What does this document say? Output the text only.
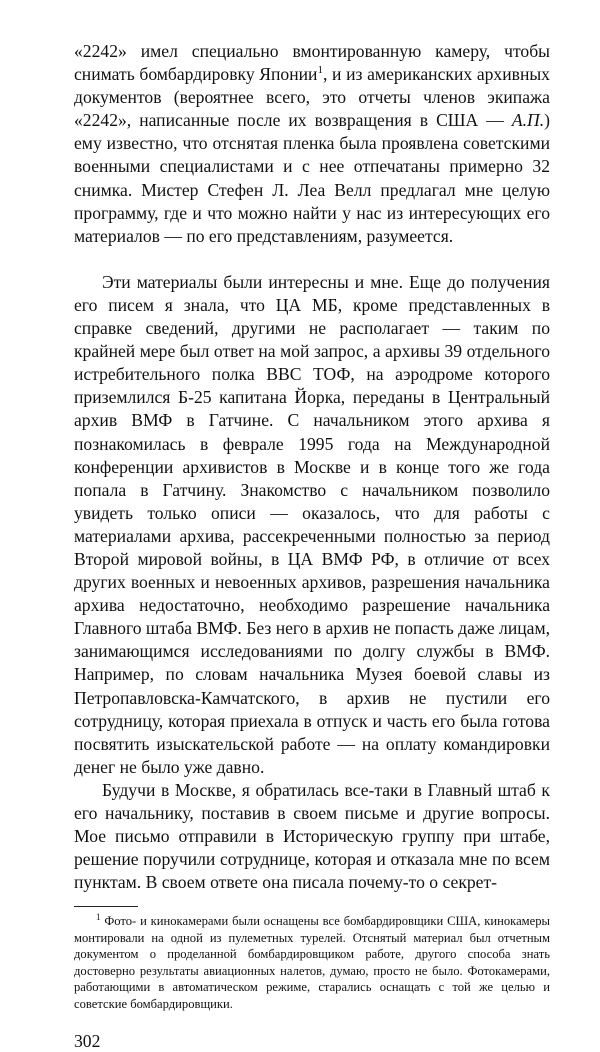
«2242» имел специально вмонтированную камеру, чтобы снимать бомбардировку Японии$^1$, и из американских архивных документов (вероятнее всего, это отчеты членов экипажа «2242», написанные после их возвращения в США — А.П.) ему известно, что отснятая пленка была проявлена советскими военными специалистами и с нее отпечатаны примерно 32 снимка. Мистер Стефен Л. Леа Велл предлагал мне целую программу, где и что можно найти у нас из интересующих его материалов — по его представлениям, разумеется.

Эти материалы были интересны и мне. Еще до получения его писем я знала, что ЦА МБ, кроме представленных в справке сведений, другими не располагает — таким по крайней мере был ответ на мой запрос, а архивы 39 отдельного истребительного полка ВВС ТОФ, на аэродроме которого приземлился Б-25 капитана Йорка, переданы в Центральный архив ВМФ в Гатчине. С начальником этого архива я познакомилась в феврале 1995 года на Международной конференции архивистов в Москве и в конце того же года попала в Гатчину. Знакомство с начальником позволило увидеть только описи — оказалось, что для работы с материалами архива, рассекреченными полностью за период Второй мировой войны, в ЦА ВМФ РФ, в отличие от всех других военных и невоенных архивов, разрешения начальника архива недостаточно, необходимо разрешение начальника Главного штаба ВМФ. Без него в архив не попасть даже лицам, занимающимся исследованиями по долгу службы в ВМФ. Например, по словам начальника Музея боевой славы из Петропавловска-Камчатского, в архив не пустили его сотрудницу, которая приехала в отпуск и часть его была готова посвятить изыскательской работе — на оплату командировки денег не было уже давно.

Будучи в Москве, я обратилась все-таки в Главный штаб к его начальнику, поставив в своем письме и другие вопросы. Мое письмо отправили в Историческую группу при штабе, решение поручили сотруднице, которая и отказала мне по всем пунктам. В своем ответе она писала почему-то о секрет-

$^1$ Фото- и кинокамерами были оснащены все бомбардировщики США, кинокамеры монтировали на одной из пулеметных турелей. Отснятый материал был отчетным документом о проделанной бомбардировщиком работе, другого способа знать достоверно результаты авиационных налетов, думаю, просто не было. Фотокамерами, работающими в автоматическом режиме, старались оснащать с той же целью и советские бомбардировщики.

302
